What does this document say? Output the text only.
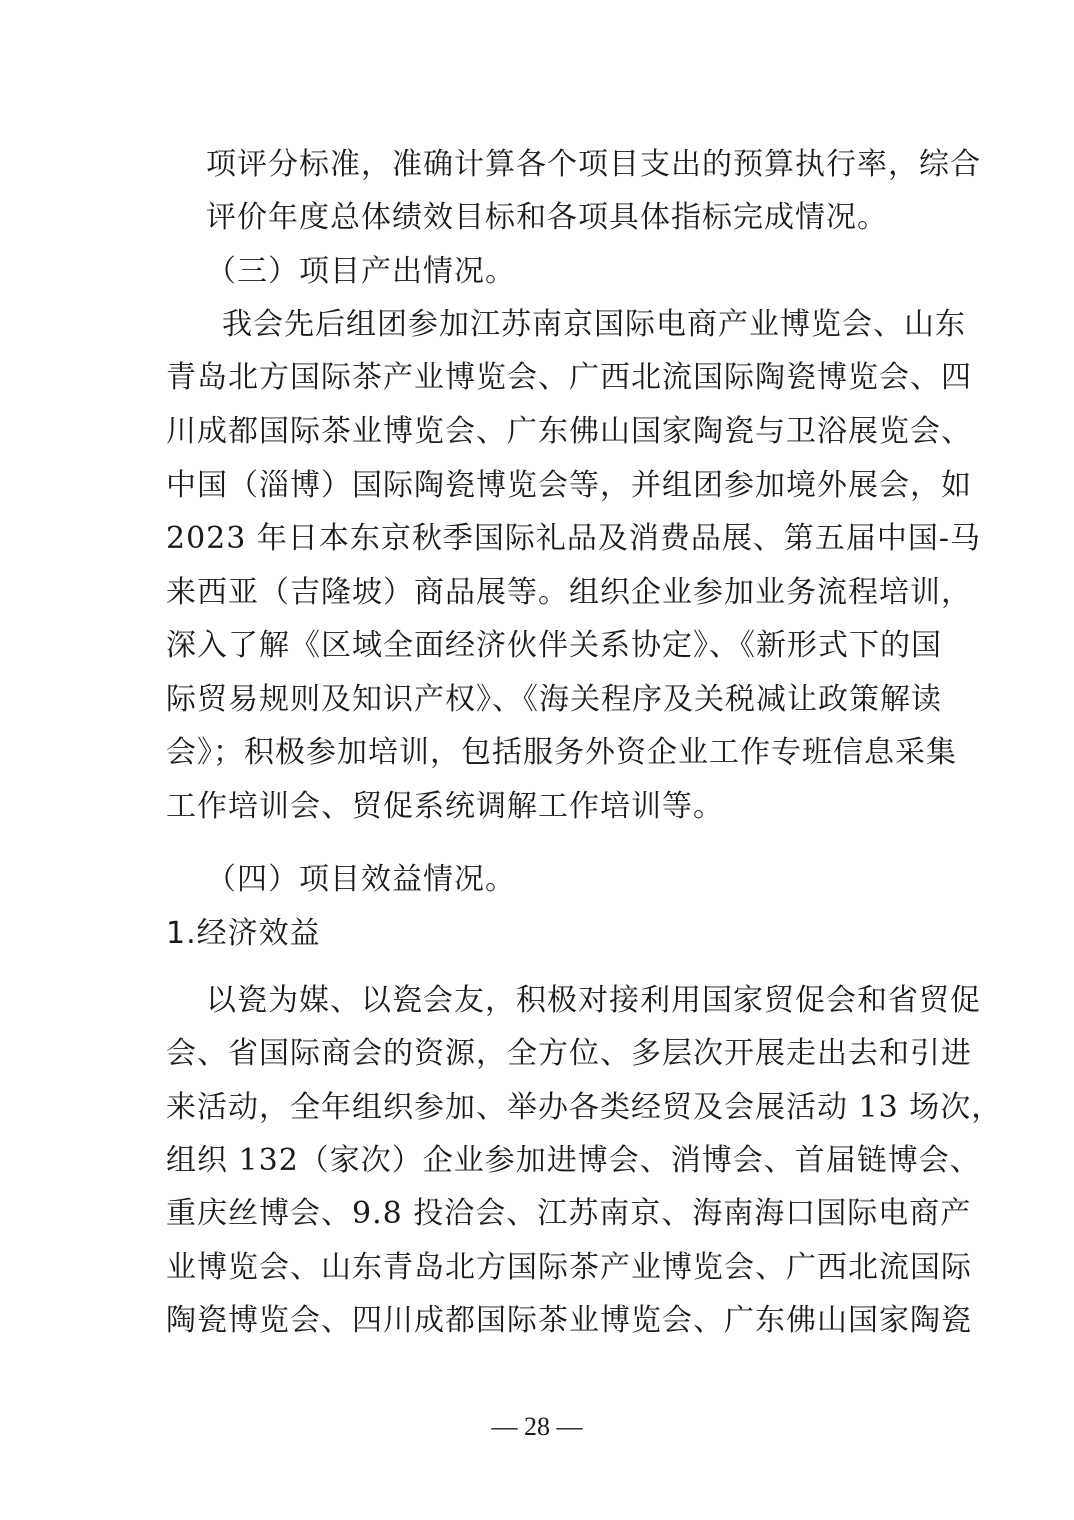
项评分标准，准确计算各个项目支出的预算执行率，综合
评价年度总体绩效目标和各项具体指标完成情况。
（三）项目产出情况。
我会先后组团参加江苏南京国际电商产业博览会、山东
青岛北方国际茶产业博览会、广西北流国际陶瓷博览会、四
川成都国际茶业博览会、广东佛山国家陶瓷与卫浴展览会、
中国（淄博）国际陶瓷博览会等，并组团参加境外展会，如
2023 年日本东京秋季国际礼品及消费品展、第五届中国-马
来西亚（吉隆坡）商品展等。组织企业参加业务流程培训，
深入了解《区域全面经济伙伴关系协定》、《新形式下的国
际贸易规则及知识产权》、《海关程序及关税减让政策解读
会》；积极参加培训，包括服务外资企业工作专班信息采集
工作培训会、贸促系统调解工作培训等。
（四）项目效益情况。
1.经济效益
以瓷为媒、以瓷会友，积极对接利用国家贸促会和省贸促
会、省国际商会的资源，全方位、多层次开展走出去和引进
来活动，全年组织参加、举办各类经贸及会展活动 13 场次，
组织 132（家次）企业参加进博会、消博会、首届链博会、
重庆丝博会、9.8 投洽会、江苏南京、海南海口国际电商产
业博览会、山东青岛北方国际茶产业博览会、广西北流国际
陶瓷博览会、四川成都国际茶业博览会、广东佛山国家陶瓷
— 28 —
